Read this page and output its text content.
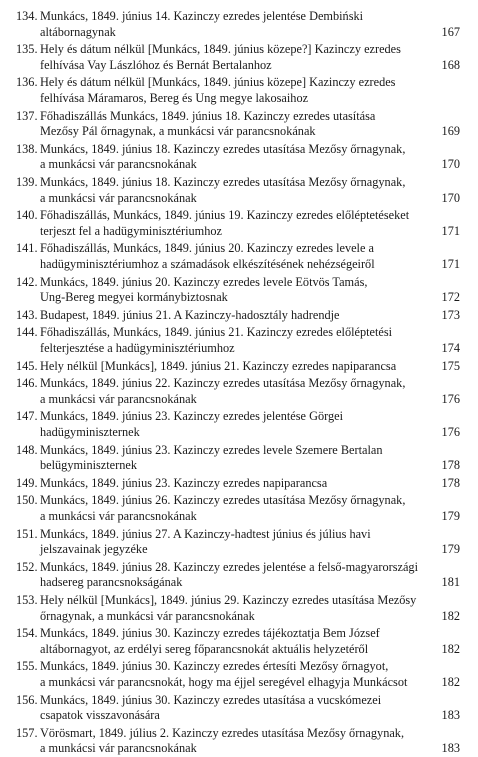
134. Munkács, 1849. június 14. Kazinczy ezredes jelentése Dembiński
altábornagynak	167
135. Hely és dátum nélkül [Munkács, 1849. június közepe?] Kazinczy ezredes
felhívása Vay Lászlóhoz és Bernát Bertalanhoz	168
136. Hely és dátum nélkül [Munkács, 1849. június közepe] Kazinczy ezredes
felhívása Máramaros, Bereg és Ung megye lakosaihoz
137. Főhadiszállás Munkács, 1849. június 18. Kazinczy ezredes utasítása
Mezősy Pál őrnagynak, a munkácsi vár parancsnokának	169
138. Munkács, 1849. június 18. Kazinczy ezredes utasítása Mezősy őrnagynak,
a munkácsi vár parancsnokának	170
139. Munkács, 1849. június 18. Kazinczy ezredes utasítása Mezősy őrnagynak,
a munkácsi vár parancsnokának	170
140. Főhadiszállás, Munkács, 1849. június 19. Kazinczy ezredes előléptetéseket
terjeszt fel a hadügyminisztériumhoz	171
141. Főhadiszállás, Munkács, 1849. június 20. Kazinczy ezredes levele a
hadügyminisztériumhoz a számadások elkészítésének nehézségeiről	171
142. Munkács, 1849. június 20. Kazinczy ezredes levele Eötvös Tamás,
Ung-Bereg megyei kormánybiztosnak	172
143. Budapest, 1849. június 21. A Kazinczy-hadosztály hadrendje	173
144. Főhadiszállás, Munkács, 1849. június 21. Kazinczy ezredes előléptetési
felterjesztése a hadügyminisztériumhoz	174
145. Hely nélkül [Munkács], 1849. június 21. Kazinczy ezredes napiparancsa	175
146. Munkács, 1849. június 22. Kazinczy ezredes utasítása Mezősy őrnagynak,
a munkácsi vár parancsnokának	176
147. Munkács, 1849. június 23. Kazinczy ezredes jelentése Görgei
hadügyminiszternek	176
148. Munkács, 1849. június 23. Kazinczy ezredes levele Szemere Bertalan
belügyminiszternek	178
149. Munkács, 1849. június 23. Kazinczy ezredes napiparancsa	178
150. Munkács, 1849. június 26. Kazinczy ezredes utasítása Mezősy őrnagynak,
a munkácsi vár parancsnokának	179
151. Munkács, 1849. június 27. A Kazinczy-hadtest június és július havi
jelszavainak jegyzéke	179
152. Munkács, 1849. június 28. Kazinczy ezredes jelentése a felső-magyarországi
hadsereg parancsnokságának	181
153. Hely nélkül [Munkács], 1849. június 29. Kazinczy ezredes utasítása Mezősy
őrnagynak, a munkácsi vár parancsnokának	182
154. Munkács, 1849. június 30. Kazinczy ezredes tájékoztatja Bem József
altábornagyot, az erdélyi sereg főparancsnokát aktuális helyzetéről	182
155. Munkács, 1849. június 30. Kazinczy ezredes értesíti Mezősy őrnagyot,
a munkácsi vár parancsnokát, hogy ma éjjel seregével elhagyja Munkácsot	182
156. Munkács, 1849. június 30. Kazinczy ezredes utasítása a vucskómezei
csapatok visszavonására	183
157. Vörösmart, 1849. július 2. Kazinczy ezredes utasítása Mezősy őrnagynak,
a munkácsi vár parancsnokának	183
